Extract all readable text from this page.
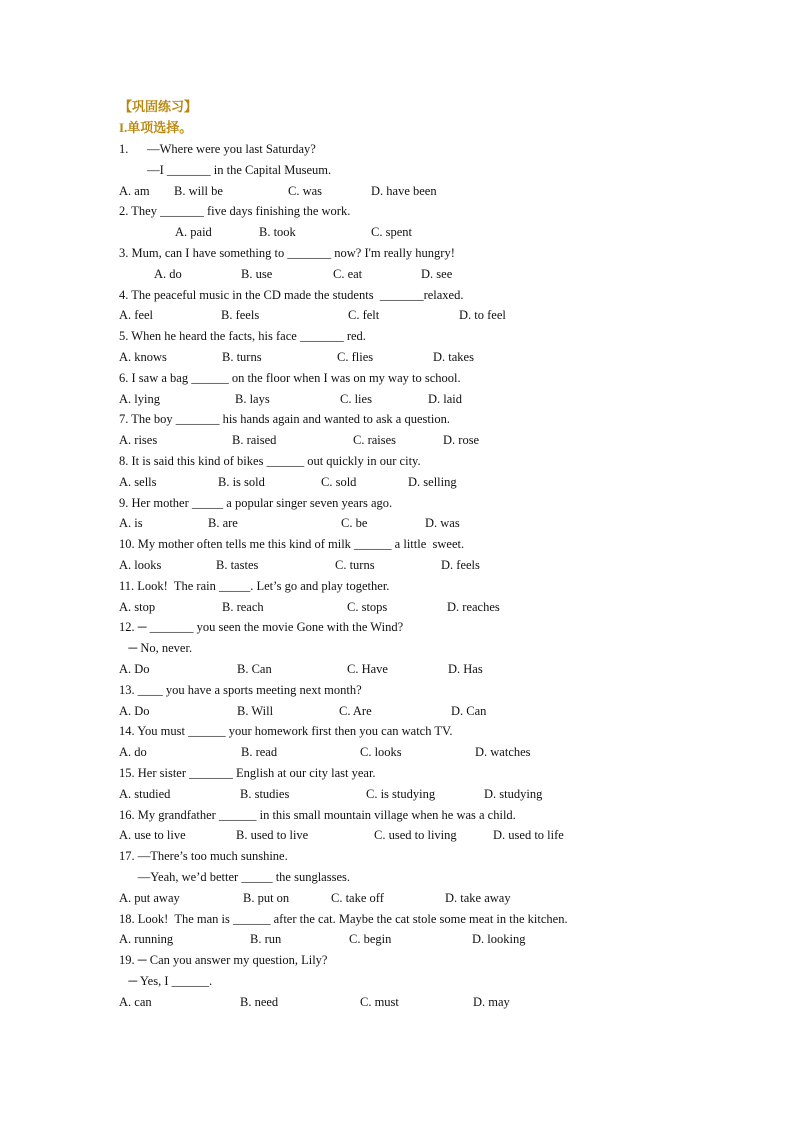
【巩固练习】
I.单项选择。
1.      —Where were you last Saturday?
—I _______ in the Capital Museum.
A. am B. will be	C. was	D. have been
2. They _______ five days finishing the work.
A. paid	B. took	C. spent
3. Mum, can I have something to _______ now? I'm really hungry!
A. do	B. use	C. eat	D. see
4. The peaceful music in the CD made the students  _______relaxed.
A. feel	B. feels	C. felt	D. to feel
5. When he heard the facts, his face _______ red.
A. knows	B. turns	C. flies	D. takes
6. I saw a bag ______ on the floor when I was on my way to school.
A. lying	B. lays	C. lies	D. laid
7. The boy _______ his hands again and wanted to ask a question.
A. rises	B. raised	C. raises	D. rose
8. It is said this kind of bikes ______ out quickly in our city.
A. sells	B. is sold	C. sold	D. selling
9. Her mother _____ a popular singer seven years ago.
A. is	B. are	C. be	D. was
10. My mother often tells me this kind of milk ______ a little  sweet.
A. looks	B. tastes	C. turns	D. feels
11. Look!  The rain _____. Let’s go and play together.
A. stop	B. reach	C. stops	D. reaches
12. ─ _______ you seen the movie Gone with the Wind?
─ No, never.
A. Do	B. Can	C. Have	D. Has
13. ____ you have a sports meeting next month?
A. Do	B. Will	C. Are	D. Can
14. You must ______ your homework first then you can watch TV.
A. do	B. read	C. looks	D. watches
15. Her sister _______ English at our city last year.
A. studied	B. studies	C. is studying	D. studying
16. My grandfather ______ in this small mountain village when he was a child.
A. use to live	B. used to live	C. used to living	D. used to life
17. —There’s too much sunshine.
—Yeah, we’d better _____ the sunglasses.
A. put away	B. put on	C. take off	D. take away
18. Look!  The man is ______ after the cat. Maybe the cat stole some meat in the kitchen.
A. running	B. run	C. begin	D. looking
19. ─ Can you answer my question, Lily?
─ Yes, I ______.
A. can	B. need	C. must	D. may
